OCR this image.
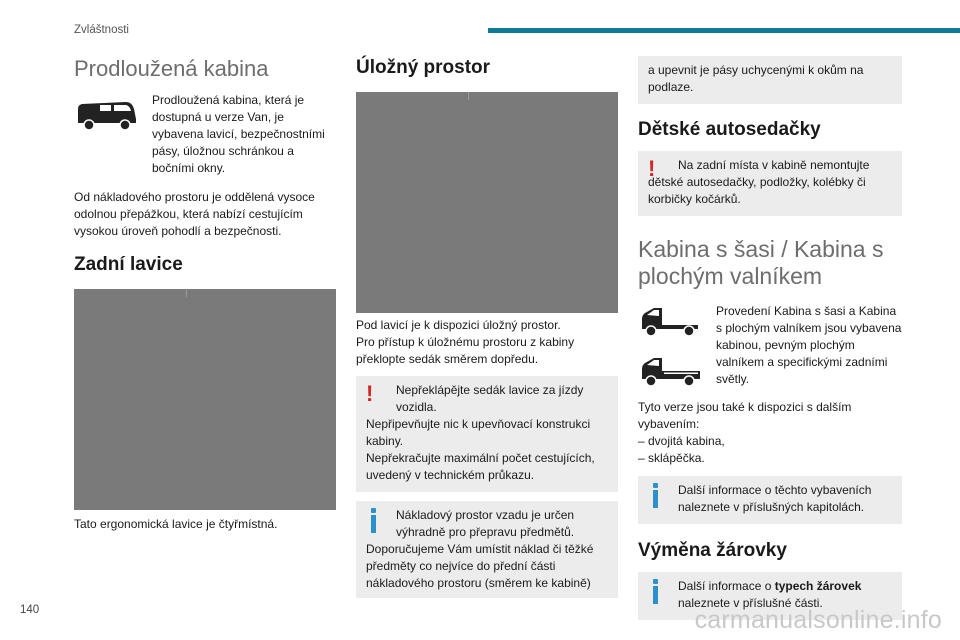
Zvláštnosti
Prodloužená kabina

Prodloužená kabina, která je dostupná u verze Van, je vybavena lavicí, bezpečnostními pásy, úložnou schránkou a bočními okny.

Od nákladového prostoru je oddělená vysoce odolnou přepážkou, která nabízí cestujícím vysokou úroveň pohodlí a bezpečnosti.

Zadní lavice

Tato ergonomická lavice je čtyřmístná.

Úložný prostor

Pod lavicí je k dispozici úložný prostor.

Pro přístup k úložnému prostoru z kabiny překlopte sedák směrem dopředu.

!	Nepřeklápějte sedák lavice za jízdy vozidla.
Nepřipevňujte nic k upevňovací konstrukci kabiny.
Nepřekračujte maximální počet cestujících, uvedený v technickém průkazu.
Nákladový prostor vzadu je určen výhradně pro přepravu předmětů.
Doporučujeme Vám umístit náklad či těžké předměty co nejvíce do přední části nákladového prostoru (směrem ke kabině)
a upevnit je pásy uchycenými k okům na podlaze.
Dětské autosedačky
!	Na zadní místa v kabině nemontujte dětské autosedačky, podložky, kolébky či korbičky kočárků.
Kabina s šasi / Kabina s plochým valníkem

Provedení Kabina s šasi a Kabina s plochým valníkem jsou vybavena kabinou, pevným plochým valníkem a specifickými zadními světly.

Tyto verze jsou také k dispozici s dalším vybavením:

– dvojitá kabina,

– sklápěčka.

Další informace o těchto vybaveních naleznete v příslušných kapitolách.
Výměna žárovky
Další informace o typech žárovek
naleznete v příslušné části.
140	carmanualsonline.info
